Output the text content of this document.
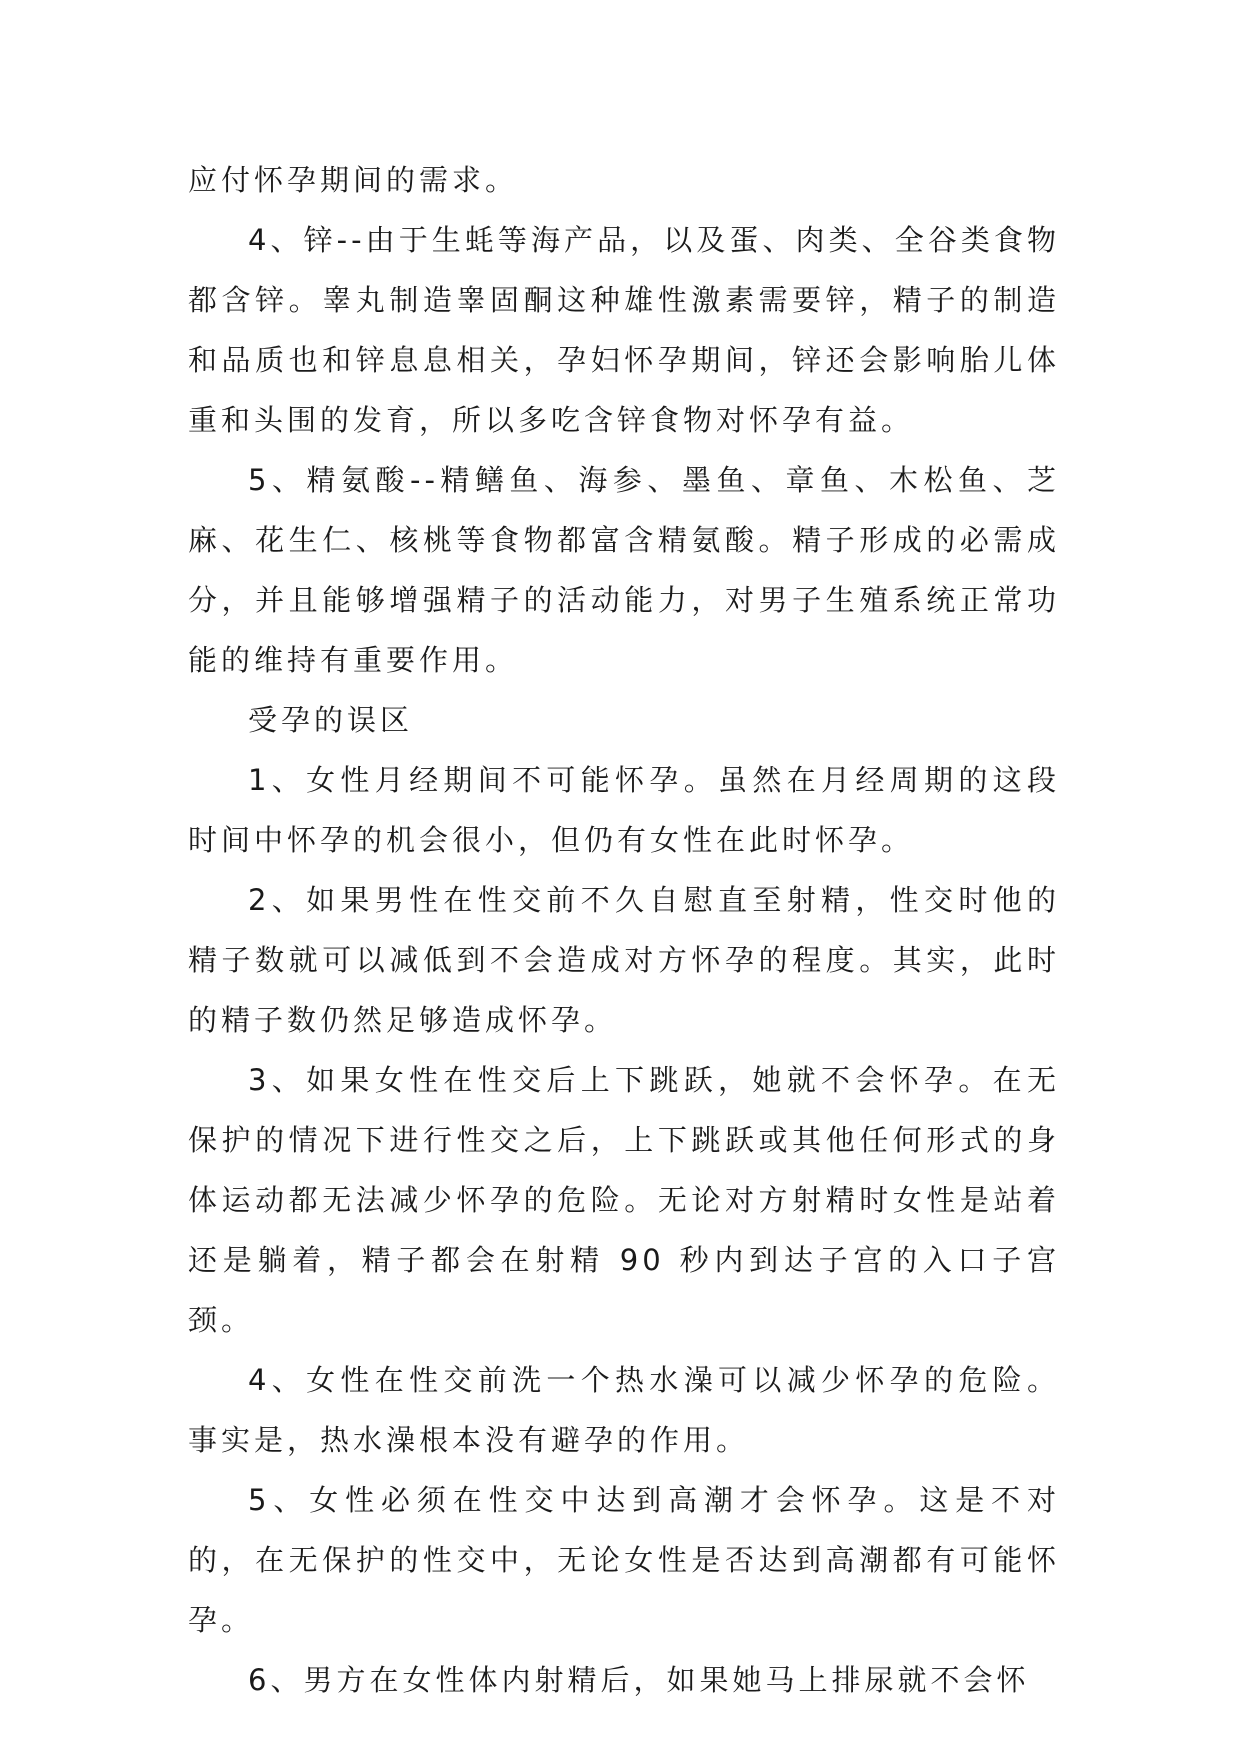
应付怀孕期间的需求。

4、锌--由于生蚝等海产品，以及蛋、肉类、全谷类食物都含锌。睾丸制造睾固酮这种雄性激素需要锌，精子的制造和品质也和锌息息相关，孕妇怀孕期间，锌还会影响胎儿体重和头围的发育，所以多吃含锌食物对怀孕有益。

5、精氨酸--精鳝鱼、海参、墨鱼、章鱼、木松鱼、芝麻、花生仁、核桃等食物都富含精氨酸。精子形成的必需成分，并且能够增强精子的活动能力，对男子生殖系统正常功能的维持有重要作用。

受孕的误区

1、女性月经期间不可能怀孕。虽然在月经周期的这段时间中怀孕的机会很小，但仍有女性在此时怀孕。

2、如果男性在性交前不久自慰直至射精，性交时他的精子数就可以减低到不会造成对方怀孕的程度。其实，此时的精子数仍然足够造成怀孕。

3、如果女性在性交后上下跳跃，她就不会怀孕。在无保护的情况下进行性交之后，上下跳跃或其他任何形式的身体运动都无法减少怀孕的危险。无论对方射精时女性是站着还是躺着，精子都会在射精 90 秒内到达子宫的入口子宫颈。

4、女性在性交前洗一个热水澡可以减少怀孕的危险。事实是，热水澡根本没有避孕的作用。

5、女性必须在性交中达到高潮才会怀孕。这是不对的，在无保护的性交中，无论女性是否达到高潮都有可能怀孕。

6、男方在女性体内射精后，如果她马上排尿就不会怀
